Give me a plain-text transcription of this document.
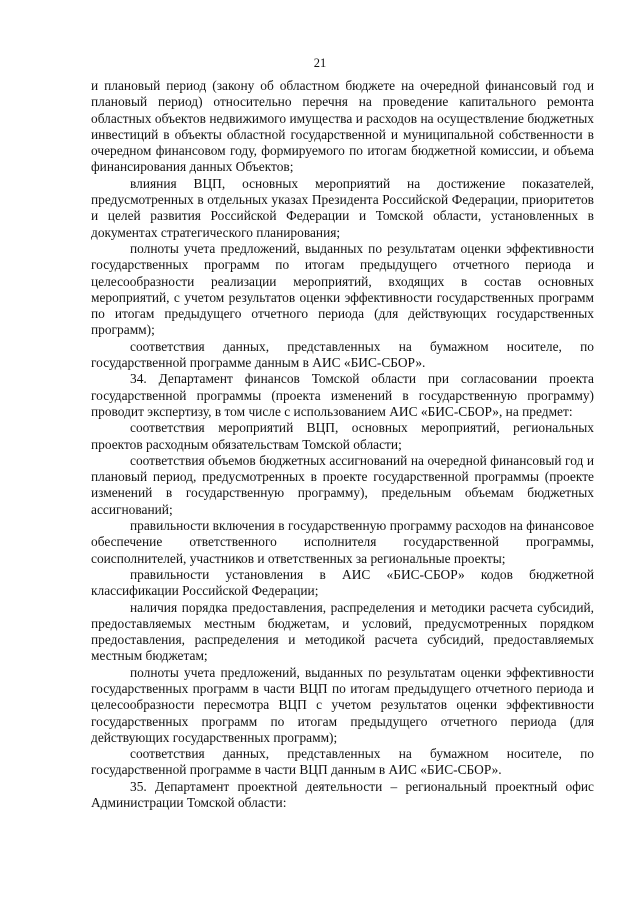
21

и плановый период (закону об областном бюджете на очередной финансовый год и плановый период) относительно перечня на проведение капитального ремонта областных объектов недвижимого имущества и расходов на осуществление бюджетных инвестиций в объекты областной государственной и муниципальной собственности в очередном финансовом году, формируемого по итогам бюджетной комиссии, и объема финансирования данных Объектов;

влияния ВЦП, основных мероприятий на достижение показателей, предусмотренных в отдельных указах Президента Российской Федерации, приоритетов и целей развития Российской Федерации и Томской области, установленных в документах стратегического планирования;

полноты учета предложений, выданных по результатам оценки эффективности государственных программ по итогам предыдущего отчетного периода и целесообразности реализации мероприятий, входящих в состав основных мероприятий, с учетом результатов оценки эффективности государственных программ по итогам предыдущего отчетного периода (для действующих государственных программ);

соответствия данных, представленных на бумажном носителе, по государственной программе данным в АИС «БИС-СБОР».

34. Департамент финансов Томской области при согласовании проекта государственной программы (проекта изменений в государственную программу) проводит экспертизу, в том числе с использованием АИС «БИС-СБОР», на предмет:

соответствия мероприятий ВЦП, основных мероприятий, региональных проектов расходным обязательствам Томской области;

соответствия объемов бюджетных ассигнований на очередной финансовый год и плановый период, предусмотренных в проекте государственной программы (проекте изменений в государственную программу), предельным объемам бюджетных ассигнований;

правильности включения в государственную программу расходов на финансовое обеспечение ответственного исполнителя государственной программы, соисполнителей, участников и ответственных за региональные проекты;

правильности установления в АИС «БИС-СБОР» кодов бюджетной классификации Российской Федерации;

наличия порядка предоставления, распределения и методики расчета субсидий, предоставляемых местным бюджетам, и условий, предусмотренных порядком предоставления, распределения и методикой расчета субсидий, предоставляемых местным бюджетам;

полноты учета предложений, выданных по результатам оценки эффективности государственных программ в части ВЦП по итогам предыдущего отчетного периода и целесообразности пересмотра ВЦП с учетом результатов оценки эффективности государственных программ по итогам предыдущего отчетного периода (для действующих государственных программ);

соответствия данных, представленных на бумажном носителе, по государственной программе в части ВЦП данным в АИС «БИС-СБОР».

35. Департамент проектной деятельности – региональный проектный офис Администрации Томской области:
